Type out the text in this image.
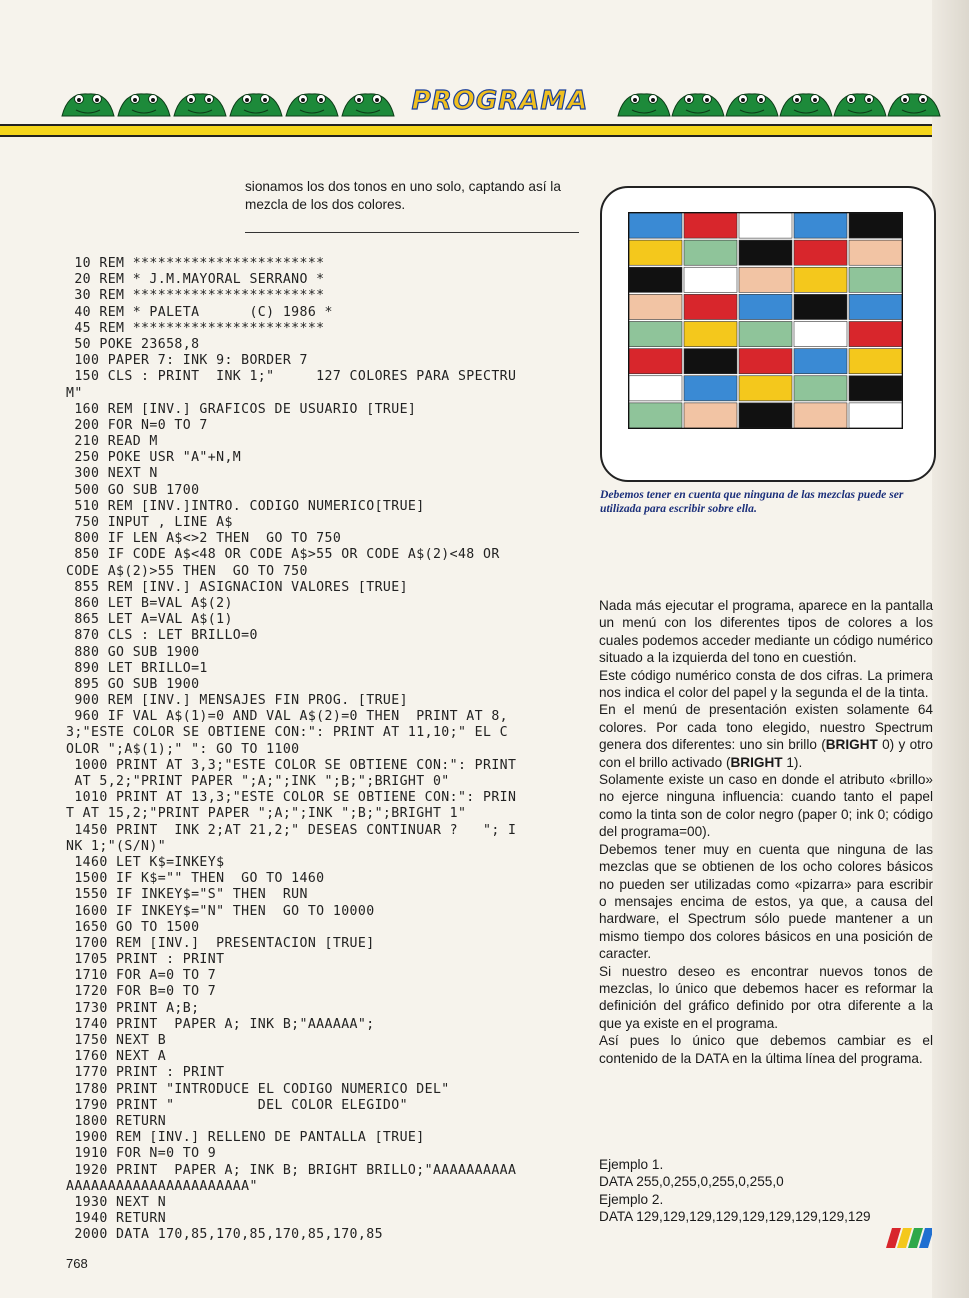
PROGRAMA
sionamos los dos tonos en uno solo, captando así la mezcla de los dos colores.
10 REM ***********************
20 REM * J.M.MAYORAL SERRANO *
30 REM ***********************
40 REM * PALETA      (C) 1986 *
45 REM ***********************
50 POKE 23658,8
100 PAPER 7: INK 9: BORDER 7
150 CLS : PRINT  INK 1;"     127 COLORES PARA SPECTRU
M"
160 REM [INV.] GRAFICOS DE USUARIO [TRUE]
200 FOR N=0 TO 7
210 READ M
250 POKE USR "A"+N,M
300 NEXT N
500 GO SUB 1700
510 REM [INV.]INTRO. CODIGO NUMERICO[TRUE]
750 INPUT , LINE A$
800 IF LEN A$<>2 THEN  GO TO 750
850 IF CODE A$<48 OR CODE A$>55 OR CODE A$(2)<48 OR
CODE A$(2)>55 THEN  GO TO 750
855 REM [INV.] ASIGNACION VALORES [TRUE]
860 LET B=VAL A$(2)
865 LET A=VAL A$(1)
870 CLS : LET BRILLO=0
880 GO SUB 1900
890 LET BRILLO=1
895 GO SUB 1900
900 REM [INV.] MENSAJES FIN PROG. [TRUE]
960 IF VAL A$(1)=0 AND VAL A$(2)=0 THEN  PRINT AT 8,
3;"ESTE COLOR SE OBTIENE CON:": PRINT AT 11,10;" EL C
OLOR ";A$(1);" ": GO TO 1100
1000 PRINT AT 3,3;"ESTE COLOR SE OBTIENE CON:": PRINT
AT 5,2;"PRINT PAPER ";A;";INK ";B;";BRIGHT 0"
1010 PRINT AT 13,3;"ESTE COLOR SE OBTIENE CON:": PRIN
T AT 15,2;"PRINT PAPER ";A;";INK ";B;";BRIGHT 1"
1450 PRINT  INK 2;AT 21,2;" DESEAS CONTINUAR ?   "; I
NK 1;"(S/N)"
1460 LET K$=INKEY$
1500 IF K$="" THEN  GO TO 1460
1550 IF INKEY$="S" THEN  RUN
1600 IF INKEY$="N" THEN  GO TO 10000
1650 GO TO 1500
1700 REM [INV.]  PRESENTACION [TRUE]
1705 PRINT : PRINT
1710 FOR A=0 TO 7
1720 FOR B=0 TO 7
1730 PRINT A;B;
1740 PRINT  PAPER A; INK B;"AAAAAA";
1750 NEXT B
1760 NEXT A
1770 PRINT : PRINT
1780 PRINT "INTRODUCE EL CODIGO NUMERICO DEL"
1790 PRINT "          DEL COLOR ELEGIDO"
1800 RETURN
1900 REM [INV.] RELLENO DE PANTALLA [TRUE]
1910 FOR N=0 TO 9
1920 PRINT  PAPER A; INK B; BRIGHT BRILLO;"AAAAAAAAAA
AAAAAAAAAAAAAAAAAAAAAA"
1930 NEXT N
1940 RETURN
2000 DATA 170,85,170,85,170,85,170,85
Debemos tener en cuenta que ninguna de las mezclas puede ser utilizada para escribir sobre ella.

Nada más ejecutar el programa, aparece en la pantalla un menú con los diferentes tipos de colores a los cuales podemos acceder mediante un código numérico situado a la izquierda del tono en cuestión.

Este código numérico consta de dos cifras. La primera nos indica el color del papel y la segunda el de la tinta.

En el menú de presentación existen solamente 64 colores. Por cada tono elegido, nuestro Spectrum genera dos diferentes: uno sin brillo (BRIGHT 0) y otro con el brillo activado (BRIGHT 1).

Solamente existe un caso en donde el atributo «brillo» no ejerce ninguna influencia: cuando tanto el papel como la tinta son de color negro (paper 0; ink 0; código del programa=00).

Debemos tener muy en cuenta que ninguna de las mezclas que se obtienen de los ocho colores básicos no pueden ser utilizadas como «pizarra» para escribir o mensajes encima de estos, ya que, a causa del hardware, el Spectrum sólo puede mantener a un mismo tiempo dos colores básicos en una posición de caracter.

Si nuestro deseo es encontrar nuevos tonos de mezclas, lo único que debemos hacer es reformar la definición del gráfico definido por otra diferente a la que ya existe en el programa.

Así pues lo único que debemos cambiar es el contenido de la DATA en la última línea del programa.

Ejemplo 1.
DATA 255,0,255,0,255,0,255,0
Ejemplo 2.
DATA 129,129,129,129,129,129,129,129,129
768
